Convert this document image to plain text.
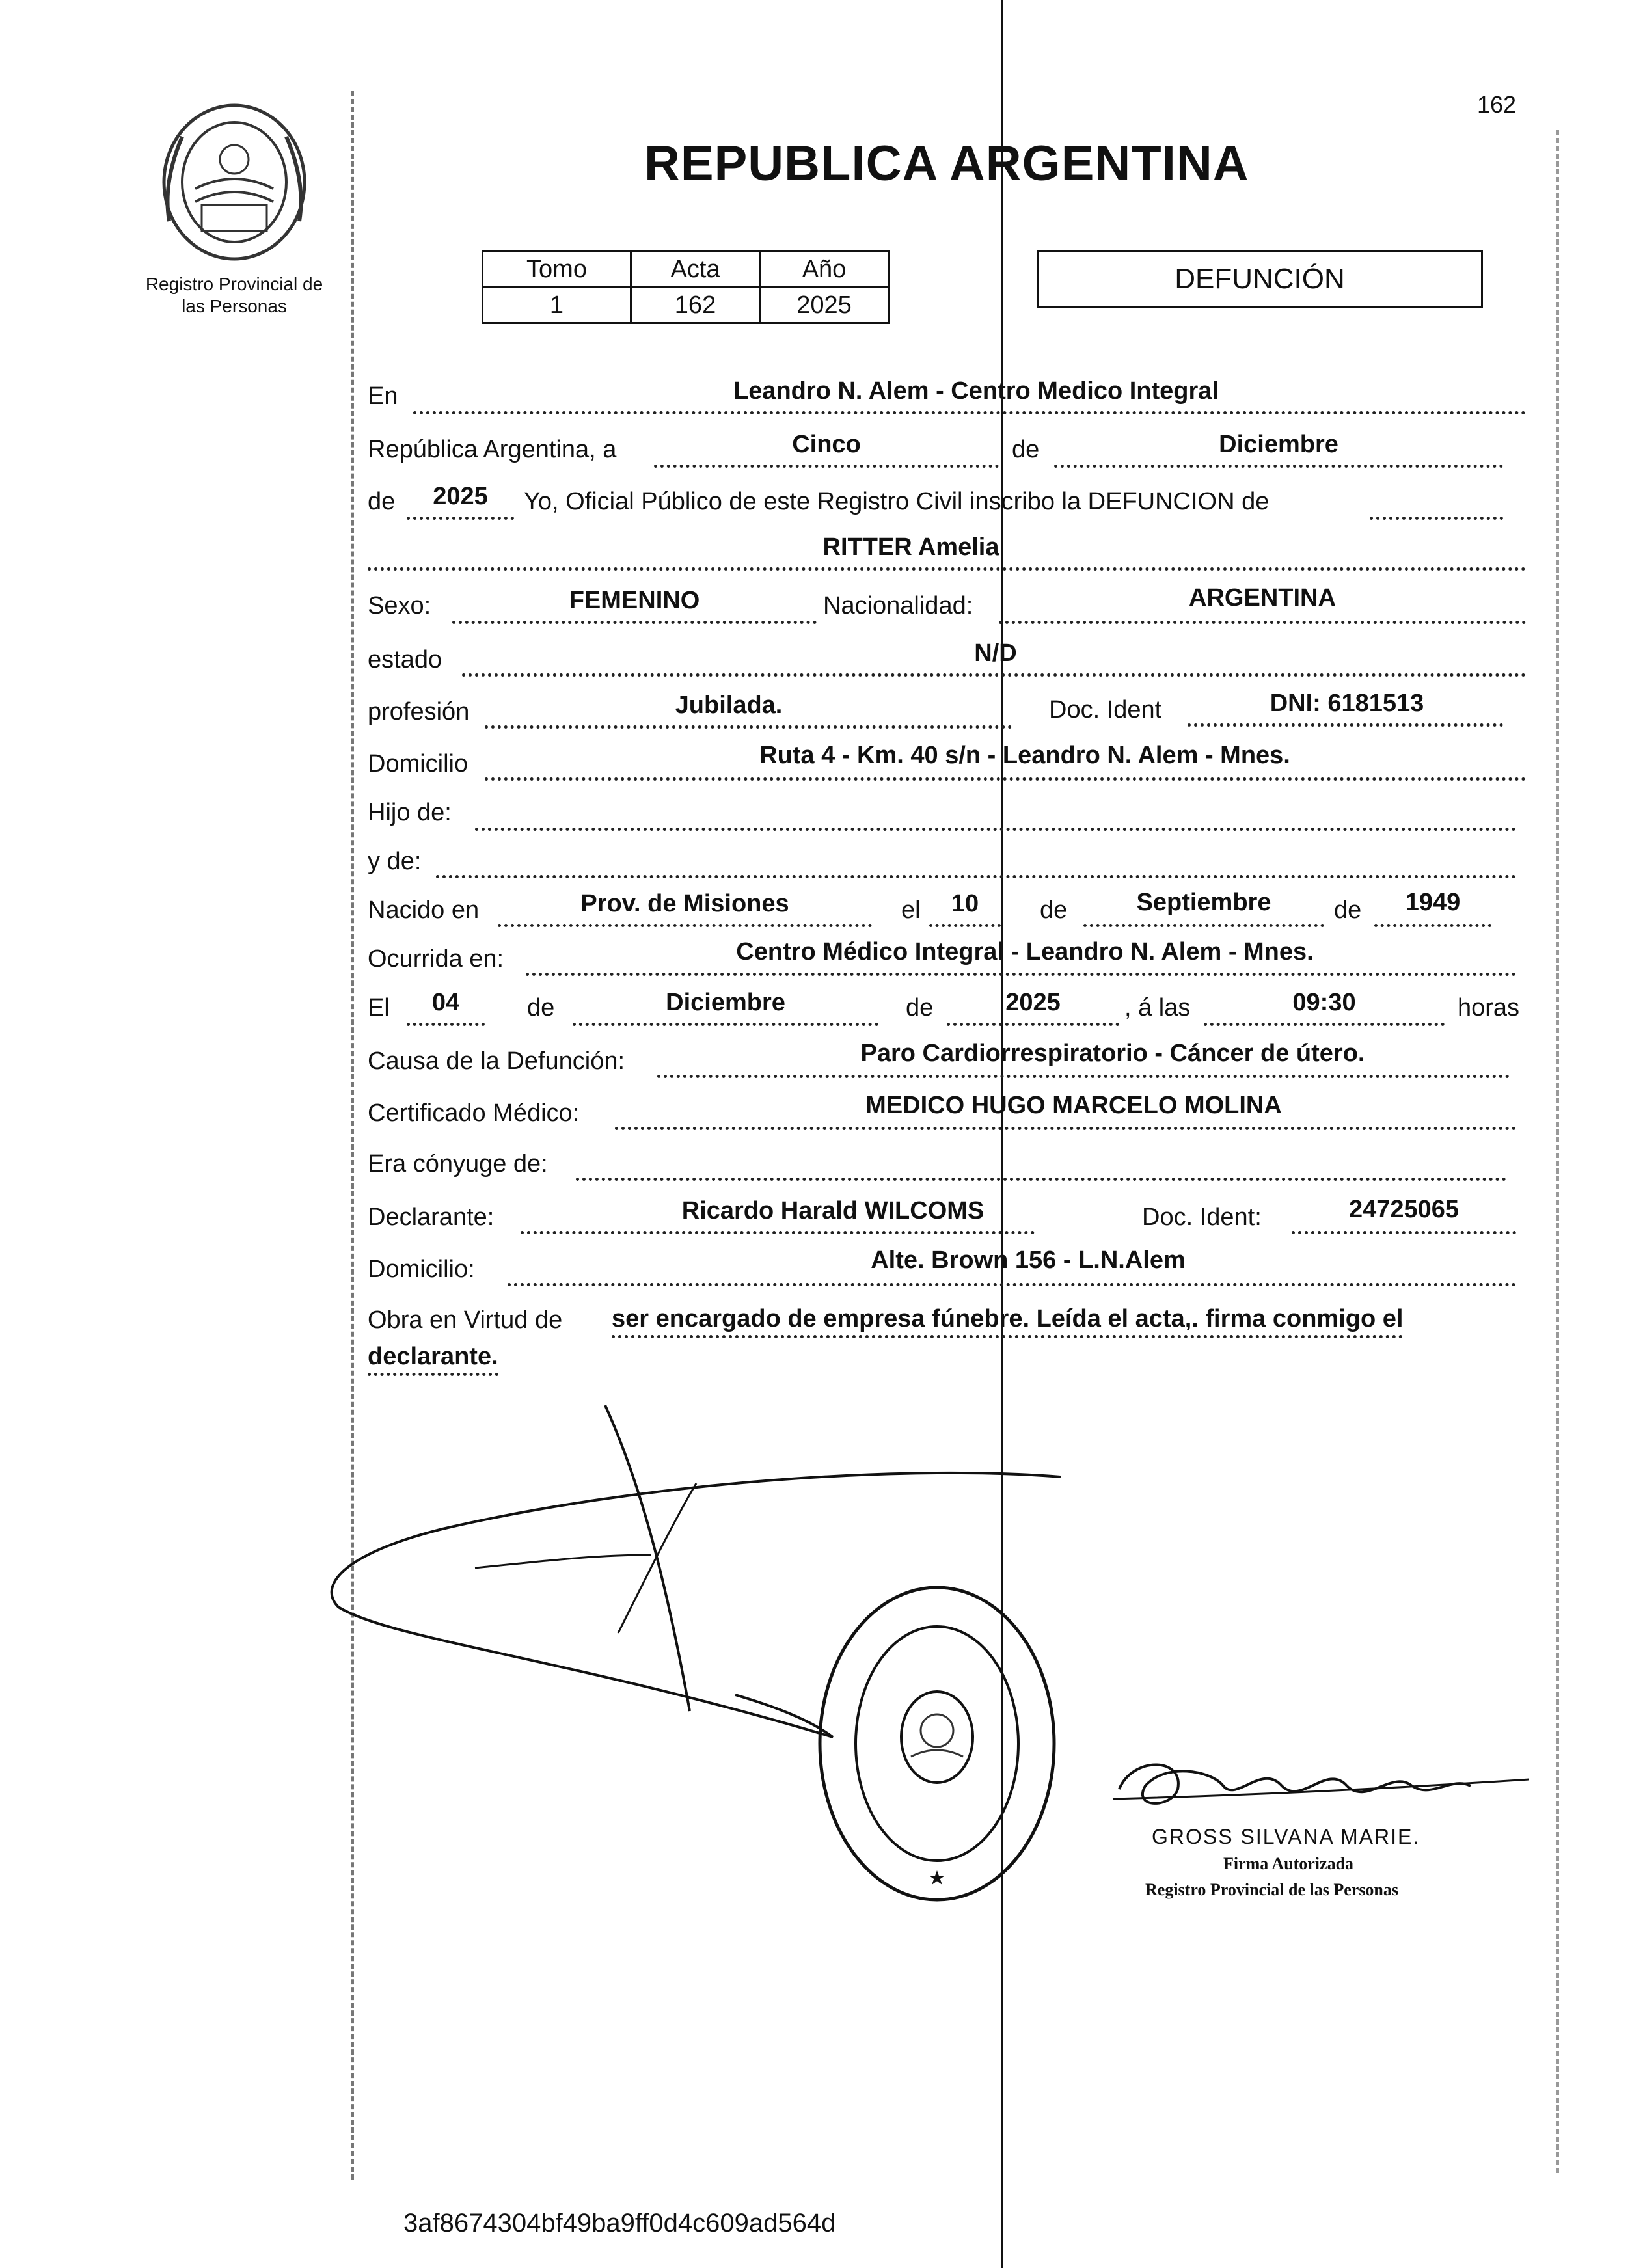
162
Registro Provincial de
las Personas
REPUBLICA ARGENTINA
Tomo	Acta	Año
1	162	2025
DEFUNCIÓN
En	Leandro N. Alem - Centro Medico Integral
República Argentina, a	Cinco	de	Diciembre
de	2025	Yo, Oficial Público de este Registro Civil inscribo la DEFUNCION de
RITTER Amelia
Sexo:	FEMENINO	Nacionalidad:	ARGENTINA
estado	N/D
profesión	Jubilada.	Doc. Ident	DNI: 6181513
Domicilio	Ruta 4 - Km. 40 s/n - Leandro N. Alem - Mnes.
Hijo de:
y de:
Nacido en	Prov. de Misiones	el	10	de	Septiembre	de	1949
Ocurrida en:	Centro Médico Integral - Leandro N. Alem - Mnes.
El	04	de	Diciembre	de	2025	, á las	09:30	horas
Causa de la Defunción:	Paro Cardiorrespiratorio - Cáncer de útero.
Certificado Médico:	MEDICO HUGO MARCELO MOLINA
Era cónyuge de:
Declarante:	Ricardo Harald WILCOMS	Doc. Ident:	24725065
Domicilio:	Alte. Brown 156 - L.N.Alem
Obra en Virtud de ser encargado de empresa fúnebre. Leída el acta,. firma conmigo el
declarante.
GROSS SILVANA MARIE.
Firma Autorizada
Registro Provincial de las Personas
3af8674304bf49ba9ff0d4c609ad564d
